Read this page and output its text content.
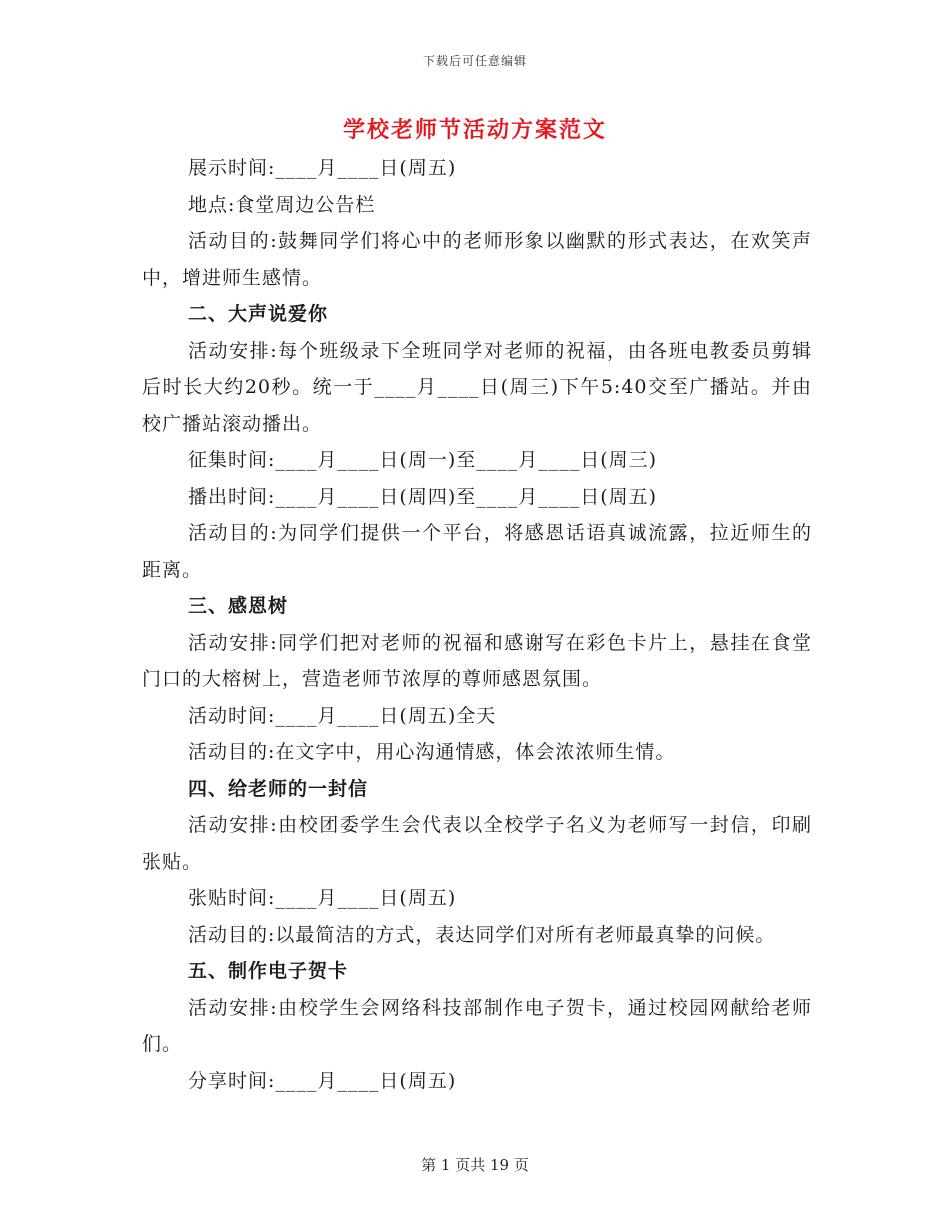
下载后可任意编辑
学校老师节活动方案范文

展示时间:____月____日(周五)

地点:食堂周边公告栏

活动目的:鼓舞同学们将心中的老师形象以幽默的形式表达，在欢笑声中，增进师生感情。

二、大声说爱你

活动安排:每个班级录下全班同学对老师的祝福，由各班电教委员剪辑后时长大约20秒。统一于____月____日(周三)下午5:40交至广播站。并由校广播站滚动播出。

征集时间:____月____日(周一)至____月____日(周三)

播出时间:____月____日(周四)至____月____日(周五)

活动目的:为同学们提供一个平台，将感恩话语真诚流露，拉近师生的距离。

三、感恩树

活动安排:同学们把对老师的祝福和感谢写在彩色卡片上，悬挂在食堂门口的大榕树上，营造老师节浓厚的尊师感恩氛围。

活动时间:____月____日(周五)全天

活动目的:在文字中，用心沟通情感，体会浓浓师生情。

四、给老师的一封信

活动安排:由校团委学生会代表以全校学子名义为老师写一封信，印刷张贴。

张贴时间:____月____日(周五)

活动目的:以最简洁的方式，表达同学们对所有老师最真挚的问候。

五、制作电子贺卡

活动安排:由校学生会网络科技部制作电子贺卡，通过校园网献给老师们。

分享时间:____月____日(周五)

第 1 页共 19 页
